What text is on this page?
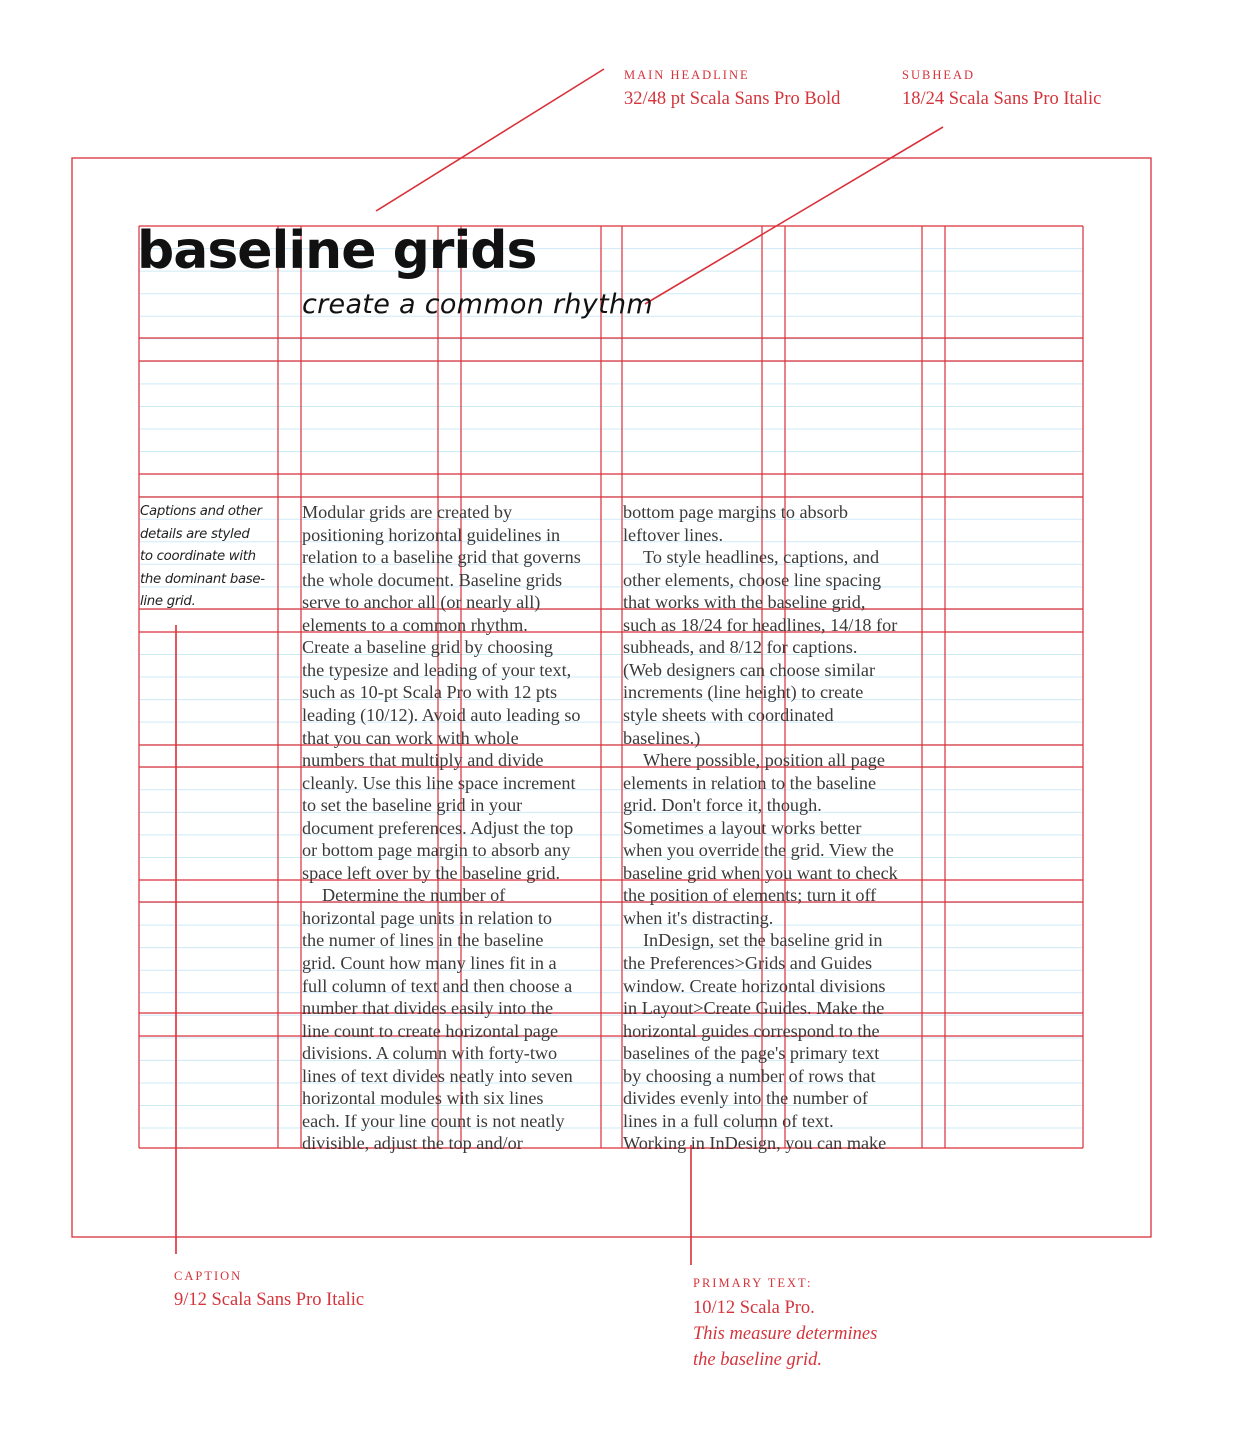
MAIN HEADLINE
32/48 pt Scala Sans Pro Bold
SUBHEAD
18/24 Scala Sans Pro Italic
CAPTION
9/12 Scala Sans Pro Italic
PRIMARY TEXT:
10/12 Scala Pro.
This measure determines
the baseline grid.
baseline grids
create a common rhythm
Captions and other
details are styled
to coordinate with
the dominant base-
line grid.
Modular grids are created by
positioning horizontal guidelines in
relation to a baseline grid that governs
the whole document. Baseline grids
serve to anchor all (or nearly all)
elements to a common rhythm.
Create a baseline grid by choosing
the typesize and leading of your text,
such as 10-pt Scala Pro with 12 pts
leading (10/12). Avoid auto leading so
that you can work with whole
numbers that multiply and divide
cleanly. Use this line space increment
to set the baseline grid in your
document preferences. Adjust the top
or bottom page margin to absorb any
space left over by the baseline grid.
Determine the number of
horizontal page units in relation to
the numer of lines in the baseline
grid. Count how many lines fit in a
full column of text and then choose a
number that divides easily into the
line count to create horizontal page
divisions. A column with forty-two
lines of text divides neatly into seven
horizontal modules with six lines
each. If your line count is not neatly
divisible, adjust the top and/or
bottom page margins to absorb
leftover lines.
To style headlines, captions, and
other elements, choose line spacing
that works with the baseline grid,
such as 18/24 for headlines, 14/18 for
subheads, and 8/12 for captions.
(Web designers can choose similar
increments (line height) to create
style sheets with coordinated
baselines.)
Where possible, position all page
elements in relation to the baseline
grid. Don't force it, though.
Sometimes a layout works better
when you override the grid. View the
baseline grid when you want to check
the position of elements; turn it off
when it's distracting.
InDesign, set the baseline grid in
the Preferences>Grids and Guides
window. Create horizontal divisions
in Layout>Create Guides. Make the
horizontal guides correspond to the
baselines of the page's primary text
by choosing a number of rows that
divides evenly into the number of
lines in a full column of text.
Working in InDesign, you can make
